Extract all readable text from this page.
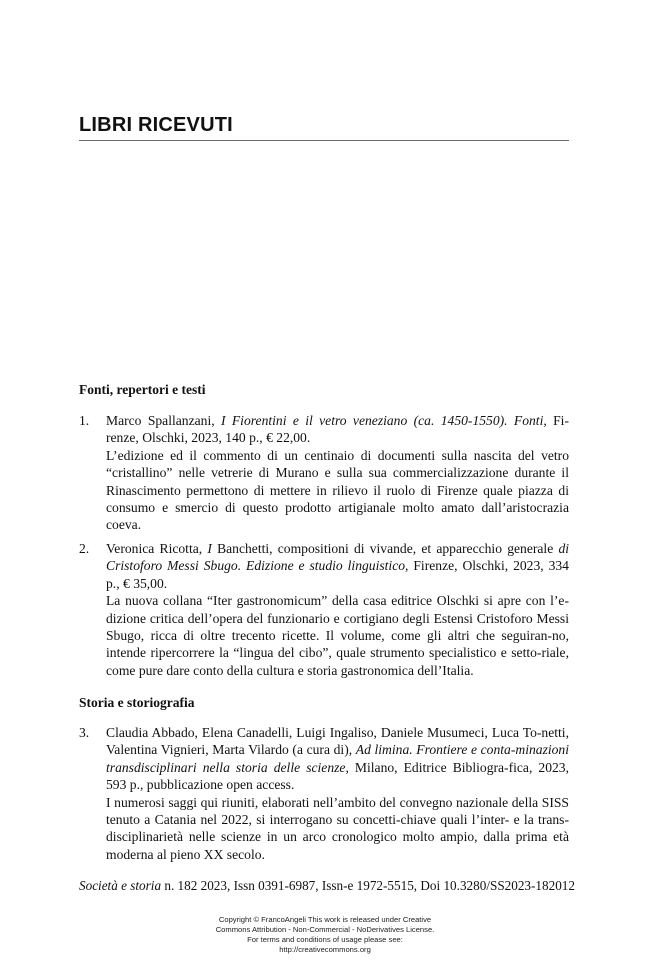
LIBRI RICEVUTI
Fonti, repertori e testi
1. Marco Spallanzani, I Fiorentini e il vetro veneziano (ca. 1450-1550). Fonti, Fi-renze, Olschki, 2023, 140 p., € 22,00.

L’edizione ed il commento di un centinaio di documenti sulla nascita del vetro “cristallino” nelle vetrerie di Murano e sulla sua commercializzazione durante il Rinascimento permettono di mettere in rilievo il ruolo di Firenze quale piazza di consumo e smercio di questo prodotto artigianale molto amato dall’aristocrazia coeva.

2. Veronica Ricotta, I Banchetti, compositioni di vivande, et apparecchio generale di Cristoforo Messi Sbugo. Edizione e studio linguistico, Firenze, Olschki, 2023, 334 p., € 35,00.

La nuova collana “Iter gastronomicum” della casa editrice Olschki si apre con l’e-dizione critica dell’opera del funzionario e cortigiano degli Estensi Cristoforo Messi Sbugo, ricca di oltre trecento ricette. Il volume, come gli altri che seguiran-no, intende ripercorrere la “lingua del cibo”, quale strumento specialistico e setto-riale, come pure dare conto della cultura e storia gastronomica dell’Italia.

Storia e storiografia
3. Claudia Abbado, Elena Canadelli, Luigi Ingaliso, Daniele Musumeci, Luca To-netti, Valentina Vignieri, Marta Vilardo (a cura di), Ad limina. Frontiere e conta-minazioni transdisciplinari nella storia delle scienze, Milano, Editrice Bibliogra-fica, 2023, 593 p., pubblicazione open access.

I numerosi saggi qui riuniti, elaborati nell’ambito del convegno nazionale della SISS tenuto a Catania nel 2022, si interrogano su concetti-chiave quali l’inter- e la trans-disciplinarietà nelle scienze in un arco cronologico molto ampio, dalla prima età moderna al pieno XX secolo.

Società e storia n. 182 2023, Issn 0391-6987, Issn-e 1972-5515, Doi 10.3280/SS2023-182012
Copyright © FrancoAngeli This work is released under Creative
Commons Attribution - Non-Commercial - NoDerivatives License.
For terms and conditions of usage please see:
http://creativecommons.org
